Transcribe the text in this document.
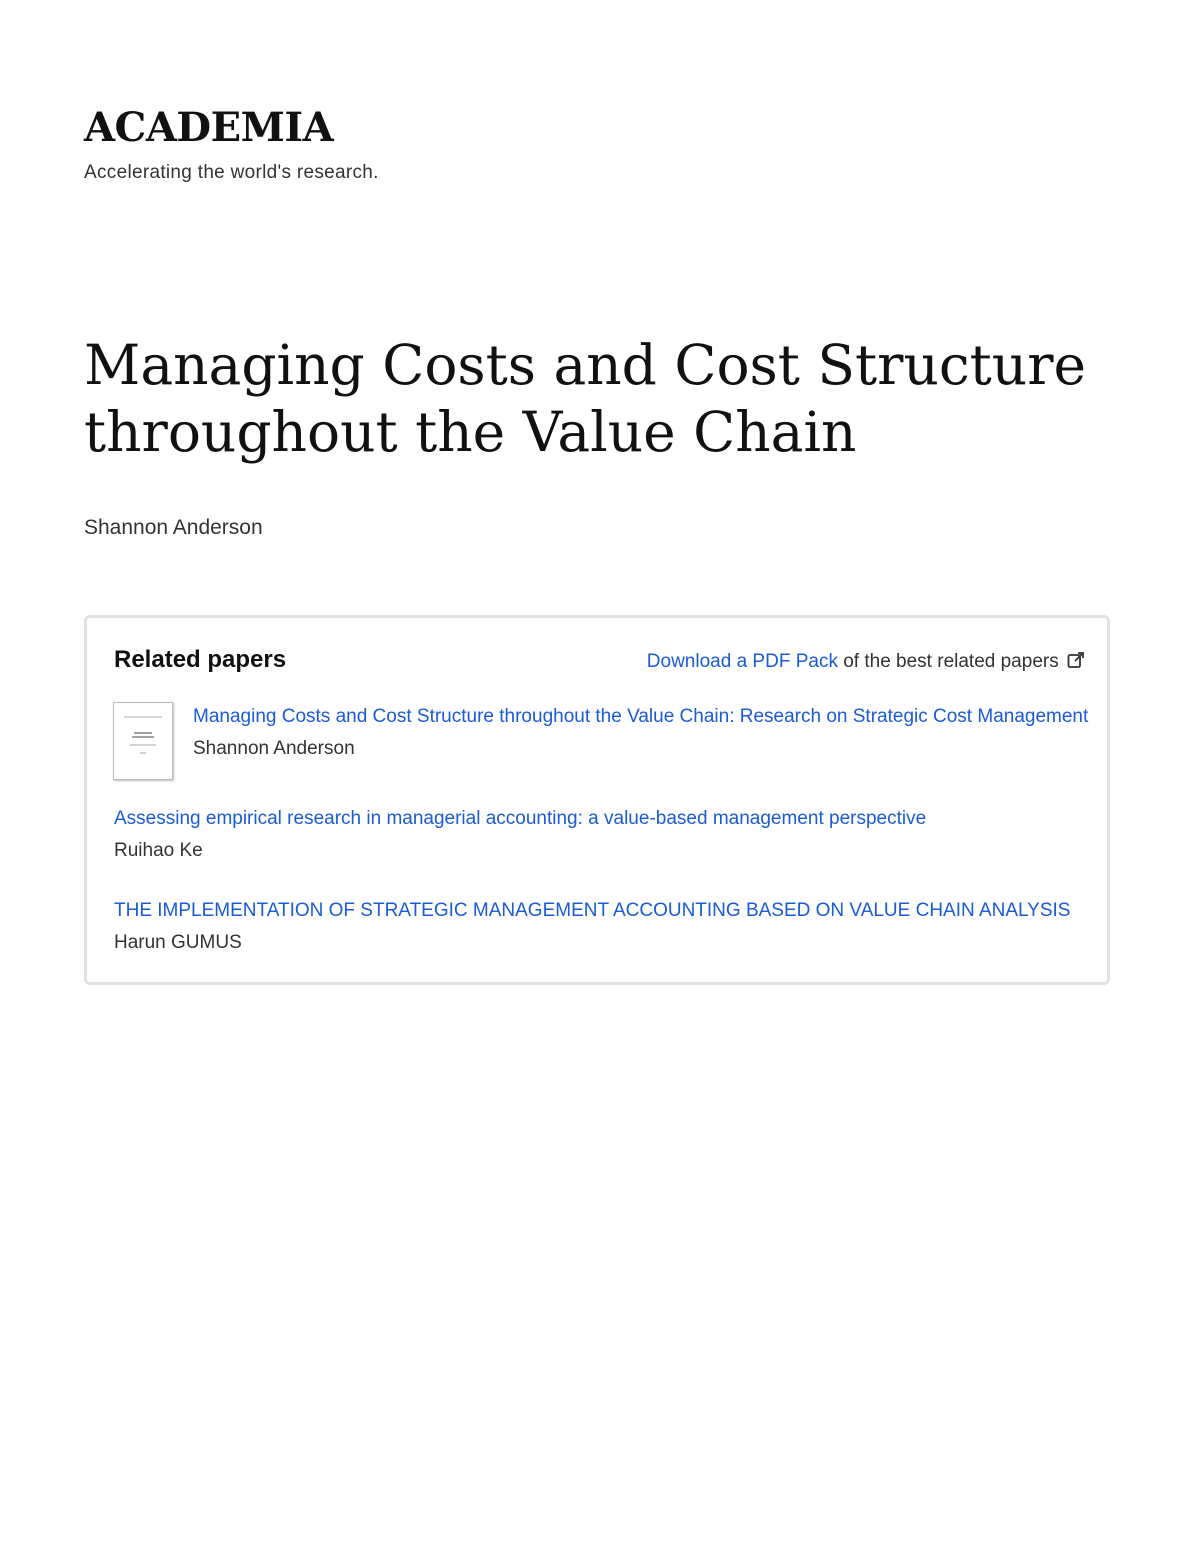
ACADEMIA

Accelerating the world's research.

Managing Costs and Cost Structure throughout the Value Chain

Shannon Anderson

Related papers	Download a PDF Pack of the best related papers
Managing Costs and Cost Structure throughout the Value Chain: Research on Strategic Cost Management
Shannon Anderson
Assessing empirical research in managerial accounting: a value-based management perspective
Ruihao Ke
THE IMPLEMENTATION OF STRATEGIC MANAGEMENT ACCOUNTING BASED ON VALUE CHAIN ANALYSIS
Harun GUMUS
